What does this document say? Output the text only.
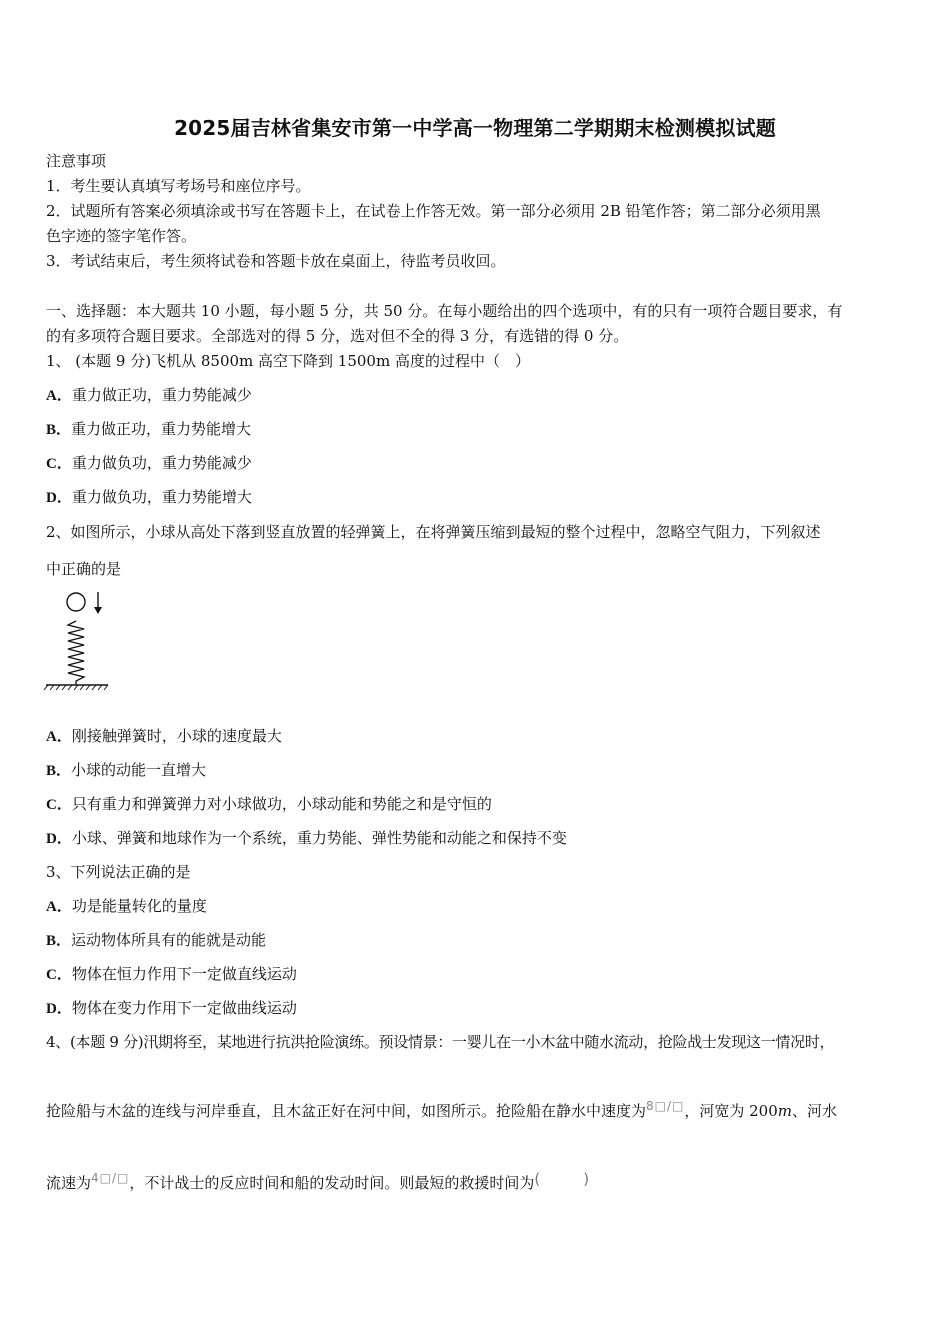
2025届吉林省集安市第一中学高一物理第二学期期末检测模拟试题
注意事项
1．考生要认真填写考场号和座位序号。
2．试题所有答案必须填涂或书写在答题卡上，在试卷上作答无效。第一部分必须用 2B 铅笔作答；第二部分必须用黑
色字迹的签字笔作答。
3．考试结束后，考生须将试卷和答题卡放在桌面上，待监考员收回。
一、选择题：本大题共 10 小题，每小题 5 分，共 50 分。在每小题给出的四个选项中，有的只有一项符合题目要求，有
的有多项符合题目要求。全部选对的得 5 分，选对但不全的得 3 分，有选错的得 0 分。
1、 (本题 9 分)飞机从 8500m 高空下降到 1500m 高度的过程中（　）
A．重力做正功，重力势能减少
B．重力做正功，重力势能增大
C．重力做负功，重力势能减少
D．重力做负功，重力势能增大
2、如图所示，小球从高处下落到竖直放置的轻弹簧上，在将弹簧压缩到最短的整个过程中，忽略空气阻力，下列叙述
中正确的是
A．刚接触弹簧时，小球的速度最大
B．小球的动能一直增大
C．只有重力和弹簧弹力对小球做功，小球动能和势能之和是守恒的
D．小球、弹簧和地球作为一个系统，重力势能、弹性势能和动能之和保持不变
3、下列说法正确的是
A．功是能量转化的量度
B．运动物体所具有的能就是动能
C．物体在恒力作用下一定做直线运动
D．物体在变力作用下一定做曲线运动
4、(本题 9 分)汛期将至，某地进行抗洪抢险演练。预设情景：一婴儿在一小木盆中随水流动，抢险战士发现这一情况时，
抢险船与木盆的连线与河岸垂直，且木盆正好在河中间，如图所示。抢险船在静水中速度为$^{8□/□}$，河宽为 200m、河水
流速为$^{4□/□}$，不计战士的反应时间和船的发动时间。则最短的救援时间为(　)
